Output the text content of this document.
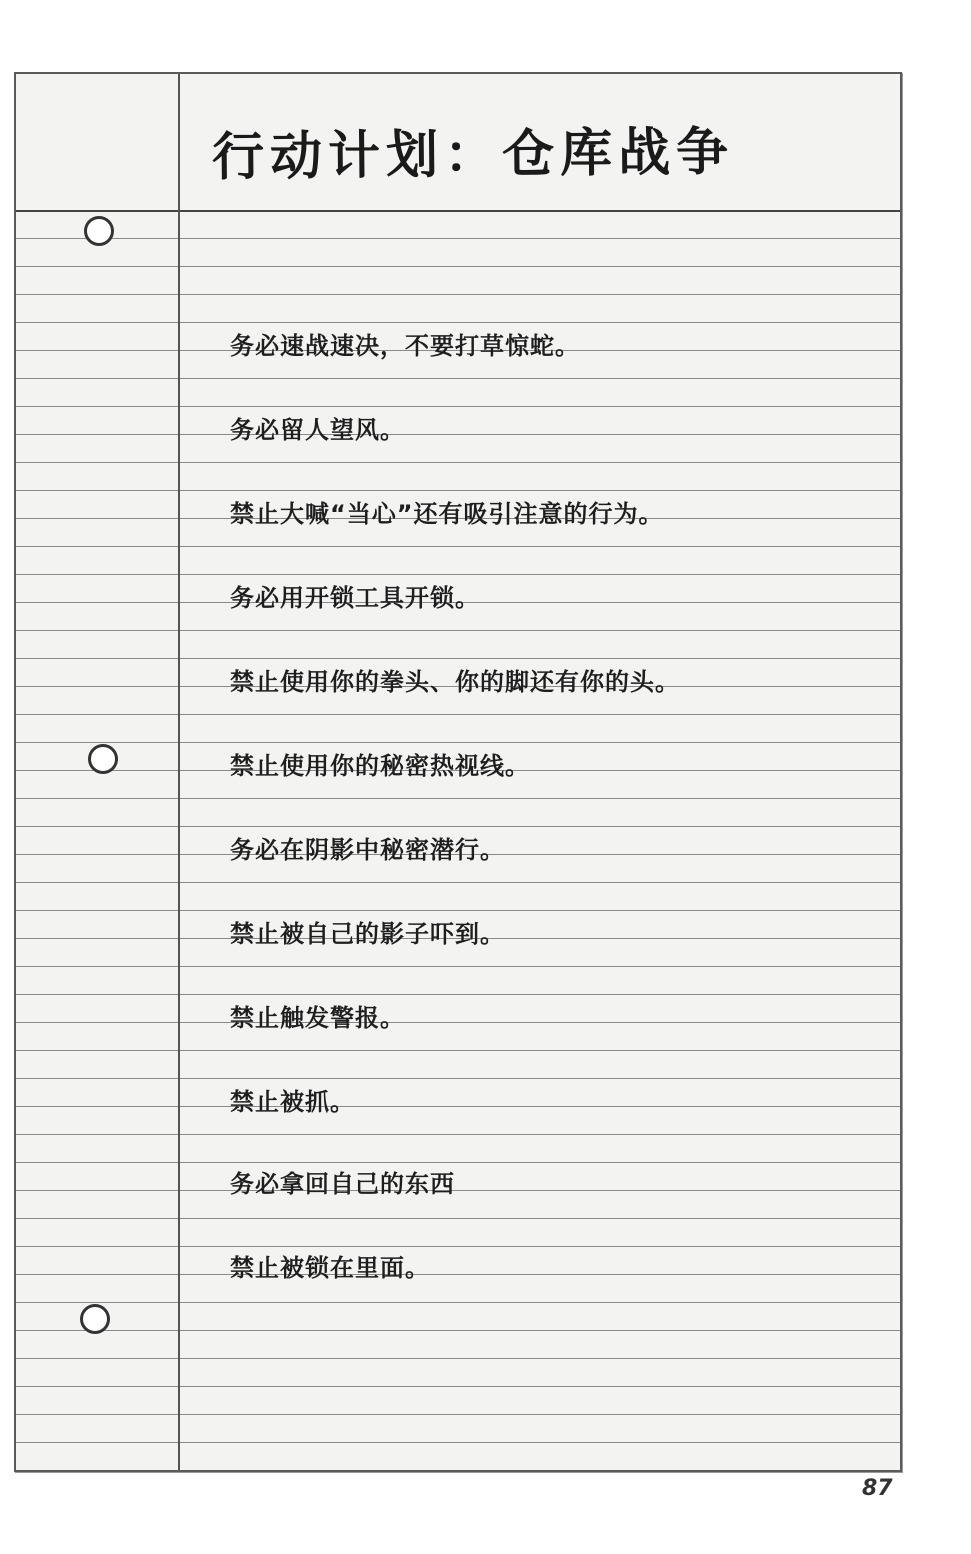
行动计划：仓库战争
务必速战速决，不要打草惊蛇。
务必留人望风。
禁止大喊“当心”还有吸引注意的行为。
务必用开锁工具开锁。
禁止使用你的拳头、你的脚还有你的头。
禁止使用你的秘密热视线。
务必在阴影中秘密潜行。
禁止被自己的影子吓到。
禁止触发警报。
禁止被抓。
务必拿回自己的东西
禁止被锁在里面。
87
